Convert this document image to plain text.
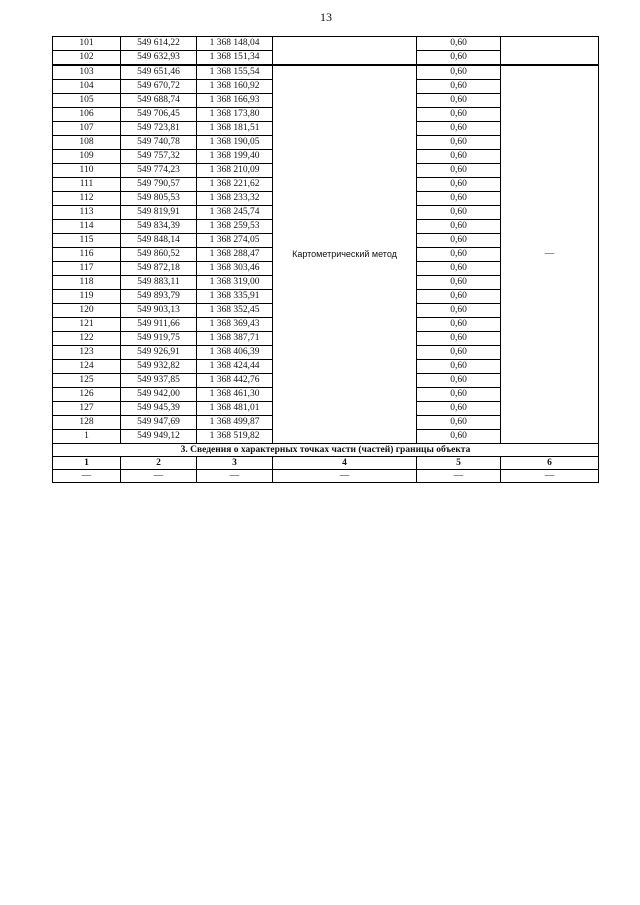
13
101	549 614,22	1 368 148,04		0,60	
102	549 632,93	1 368 151,34		0,60	
103	549 651,46	1 368 155,54	Картометрический метод	0,60	—
104	549 670,72	1 368 160,92		0,60	
105	549 688,74	1 368 166,93		0,60	
106	549 706,45	1 368 173,80		0,60	
107	549 723,81	1 368 181,51		0,60	
108	549 740,78	1 368 190,05		0,60	
109	549 757,32	1 368 199,40		0,60	
110	549 774,23	1 368 210,09		0,60	
111	549 790,57	1 368 221,62		0,60	
112	549 805,53	1 368 233,32		0,60	
113	549 819,91	1 368 245,74		0,60	
114	549 834,39	1 368 259,53		0,60	
115	549 848,14	1 368 274,05		0,60	
116	549 860,52	1 368 288,47		0,60	
117	549 872,18	1 368 303,46		0,60	
118	549 883,11	1 368 319,00		0,60	
119	549 893,79	1 368 335,91		0,60	
120	549 903,13	1 368 352,45		0,60	
121	549 911,66	1 368 369,43		0,60	
122	549 919,75	1 368 387,71		0,60	
123	549 926,91	1 368 406,39		0,60	
124	549 932,82	1 368 424,44		0,60	
125	549 937,85	1 368 442,76		0,60	
126	549 942,00	1 368 461,30		0,60	
127	549 945,39	1 368 481,01		0,60	
128	549 947,69	1 368 499,87		0,60	
1	549 949,12	1 368 519,82		0,60	
3. Сведения о характерных точках части (частей) границы объекта					
1	2	3	4	5	6
—	—	—	—	—	—
